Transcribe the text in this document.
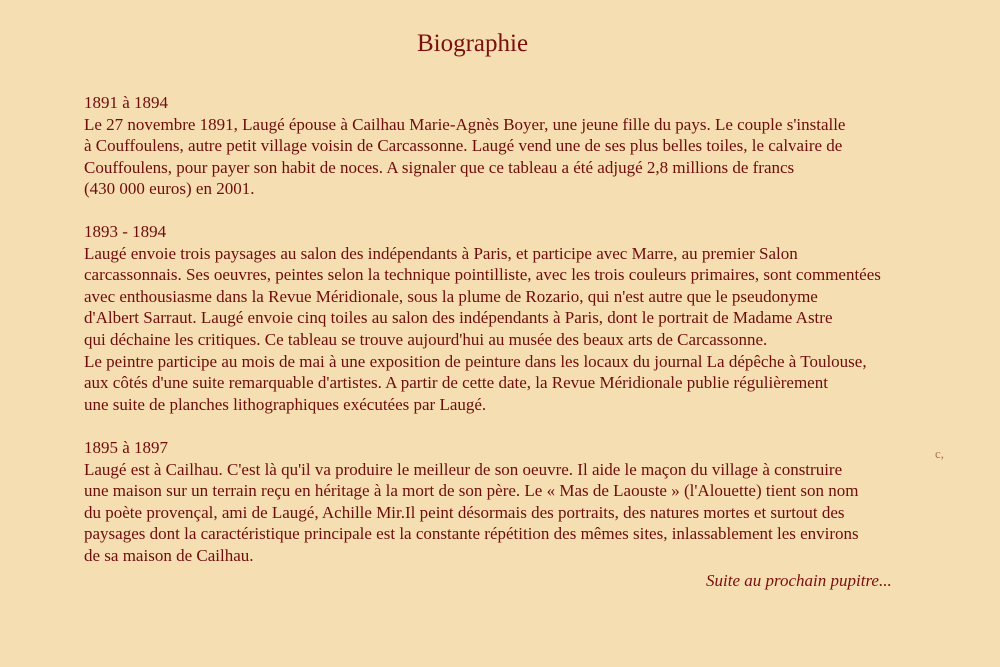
Biographie
1891 à 1894

Le 27 novembre 1891, Laugé épouse à Cailhau Marie-Agnès Boyer, une jeune fille du pays. Le couple s'installe

à Couffoulens, autre petit village voisin de Carcassonne. Laugé vend une de ses plus belles toiles, le calvaire de

Couffoulens, pour payer son habit de noces. A signaler que ce tableau a été adjugé 2,8 millions de francs

(430 000 euros) en 2001.

1893 - 1894

Laugé envoie trois paysages au salon des indépendants à Paris, et participe avec Marre, au premier Salon

carcassonnais. Ses oeuvres, peintes selon la technique pointilliste, avec les trois couleurs primaires, sont commentées

avec enthousiasme dans la Revue Méridionale, sous la plume de Rozario, qui n'est autre que le pseudonyme

d'Albert Sarraut. Laugé envoie cinq toiles au salon des indépendants à Paris, dont le portrait de Madame Astre

qui déchaine les critiques. Ce tableau se trouve aujourd'hui au musée des beaux arts de Carcassonne.

Le peintre participe au mois de mai à une exposition de peinture dans les locaux du journal La dépêche à Toulouse,

aux côtés d'une suite remarquable d'artistes. A partir de cette date, la Revue Méridionale publie régulièrement

une suite de planches lithographiques exécutées par Laugé.

1895 à 1897

Laugé est à Cailhau. C'est là qu'il va produire le meilleur de son oeuvre. Il aide le maçon du village à construire

une maison sur un terrain reçu en héritage à la mort de son père. Le « Mas de Laouste » (l'Alouette) tient son nom

du poète provençal, ami de Laugé, Achille Mir.Il peint désormais des portraits, des natures mortes et surtout des

paysages dont la caractéristique principale est la constante répétition des mêmes sites, inlassablement les environs

de sa maison de Cailhau.

c,
Suite au prochain pupitre...
